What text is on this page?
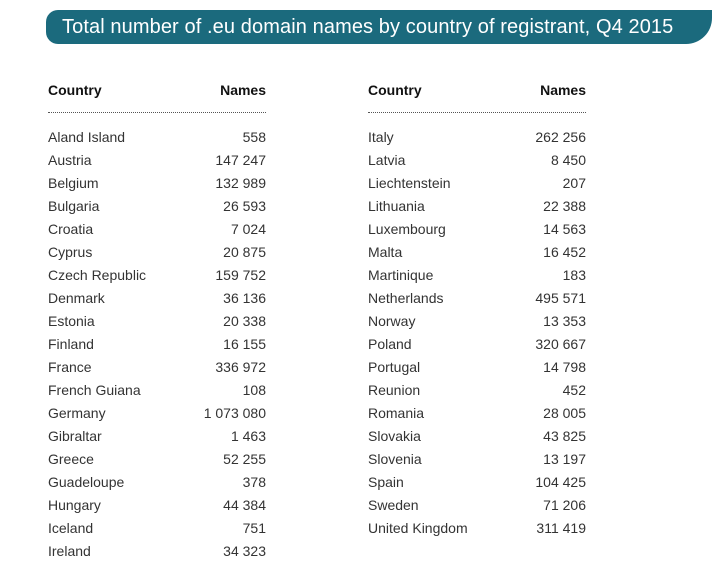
Total number of .eu domain names by country of registrant, Q4 2015
Country	Names
Aland Island	558
Austria	147 247
Belgium	132 989
Bulgaria	26 593
Croatia	7 024
Cyprus	20 875
Czech Republic	159 752
Denmark	36 136
Estonia	20 338
Finland	16 155
France	336 972
French Guiana	108
Germany	1 073 080
Gibraltar	1 463
Greece	52 255
Guadeloupe	378
Hungary	44 384
Iceland	751
Ireland	34 323
Country	Names
Italy	262 256
Latvia	8 450
Liechtenstein	207
Lithuania	22 388
Luxembourg	14 563
Malta	16 452
Martinique	183
Netherlands	495 571
Norway	13 353
Poland	320 667
Portugal	14 798
Reunion	452
Romania	28 005
Slovakia	43 825
Slovenia	13 197
Spain	104 425
Sweden	71 206
United Kingdom	311 419
